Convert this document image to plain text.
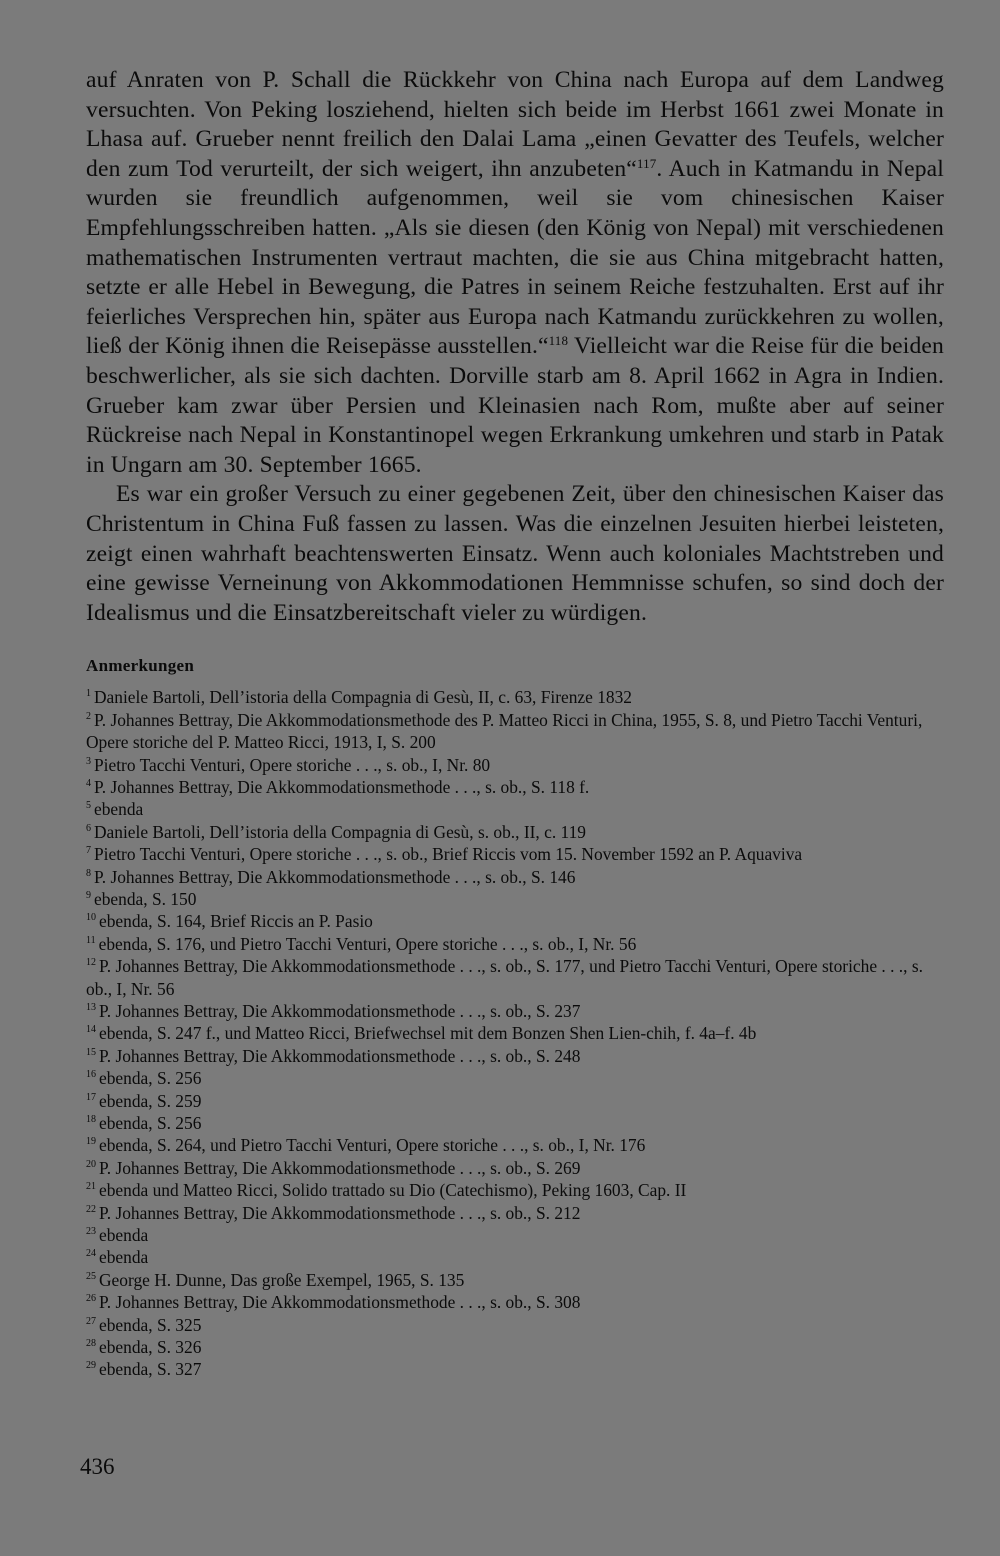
auf Anraten von P. Schall die Rückkehr von China nach Europa auf dem Landweg versuchten. Von Peking losziehend, hielten sich beide im Herbst 1661 zwei Monate in Lhasa auf. Grueber nennt freilich den Dalai Lama „einen Gevatter des Teufels, welcher den zum Tod verurteilt, der sich weigert, ihn anzubeten“$^{117}$. Auch in Katmandu in Nepal wurden sie freundlich aufgenommen, weil sie vom chinesischen Kaiser Empfehlungsschreiben hatten. „Als sie diesen (den König von Nepal) mit verschiedenen mathematischen Instrumenten vertraut machten, die sie aus China mitgebracht hatten, setzte er alle Hebel in Bewegung, die Patres in seinem Reiche festzuhalten. Erst auf ihr feierliches Versprechen hin, später aus Europa nach Katmandu zurückkehren zu wollen, ließ der König ihnen die Reisepässe ausstellen.“$^{118}$ Vielleicht war die Reise für die beiden beschwerlicher, als sie sich dachten. Dorville starb am 8. April 1662 in Agra in Indien. Grueber kam zwar über Persien und Kleinasien nach Rom, mußte aber auf seiner Rückreise nach Nepal in Konstantinopel wegen Erkrankung umkehren und starb in Patak in Ungarn am 30. September 1665.

Es war ein großer Versuch zu einer gegebenen Zeit, über den chinesischen Kaiser das Christentum in China Fuß fassen zu lassen. Was die einzelnen Jesuiten hierbei leisteten, zeigt einen wahrhaft beachtenswerten Einsatz. Wenn auch koloniales Machtstreben und eine gewisse Verneinung von Akkommodationen Hemmnisse schufen, so sind doch der Idealismus und die Einsatzbereitschaft vieler zu würdigen.

Anmerkungen
$^1$ Daniele Bartoli, Dell’istoria della Compagnia di Gesù, II, c. 63, Firenze 1832
$^2$ P. Johannes Bettray, Die Akkommodationsmethode des P. Matteo Ricci in China, 1955, S. 8, und Pietro Tacchi Venturi, Opere storiche del P. Matteo Ricci, 1913, I, S. 200
$^3$ Pietro Tacchi Venturi, Opere storiche . . ., s. ob., I, Nr. 80
$^4$ P. Johannes Bettray, Die Akkommodationsmethode . . ., s. ob., S. 118 f.
$^5$ ebenda
$^6$ Daniele Bartoli, Dell’istoria della Compagnia di Gesù, s. ob., II, c. 119
$^7$ Pietro Tacchi Venturi, Opere storiche . . ., s. ob., Brief Riccis vom 15. November 1592 an P. Aquaviva
$^8$ P. Johannes Bettray, Die Akkommodationsmethode . . ., s. ob., S. 146
$^9$ ebenda, S. 150
$^{10}$ ebenda, S. 164, Brief Riccis an P. Pasio
$^{11}$ ebenda, S. 176, und Pietro Tacchi Venturi, Opere storiche . . ., s. ob., I, Nr. 56
$^{12}$ P. Johannes Bettray, Die Akkommodationsmethode . . ., s. ob., S. 177, und Pietro Tacchi Venturi, Opere storiche . . ., s. ob., I, Nr. 56
$^{13}$ P. Johannes Bettray, Die Akkommodationsmethode . . ., s. ob., S. 237
$^{14}$ ebenda, S. 247 f., und Matteo Ricci, Briefwechsel mit dem Bonzen Shen Lien-chih, f. 4a–f. 4b
$^{15}$ P. Johannes Bettray, Die Akkommodationsmethode . . ., s. ob., S. 248
$^{16}$ ebenda, S. 256
$^{17}$ ebenda, S. 259
$^{18}$ ebenda, S. 256
$^{19}$ ebenda, S. 264, und Pietro Tacchi Venturi, Opere storiche . . ., s. ob., I, Nr. 176
$^{20}$ P. Johannes Bettray, Die Akkommodationsmethode . . ., s. ob., S. 269
$^{21}$ ebenda und Matteo Ricci, Solido trattado su Dio (Catechismo), Peking 1603, Cap. II
$^{22}$ P. Johannes Bettray, Die Akkommodationsmethode . . ., s. ob., S. 212
$^{23}$ ebenda
$^{24}$ ebenda
$^{25}$ George H. Dunne, Das große Exempel, 1965, S. 135
$^{26}$ P. Johannes Bettray, Die Akkommodationsmethode . . ., s. ob., S. 308
$^{27}$ ebenda, S. 325
$^{28}$ ebenda, S. 326
$^{29}$ ebenda, S. 327
436
